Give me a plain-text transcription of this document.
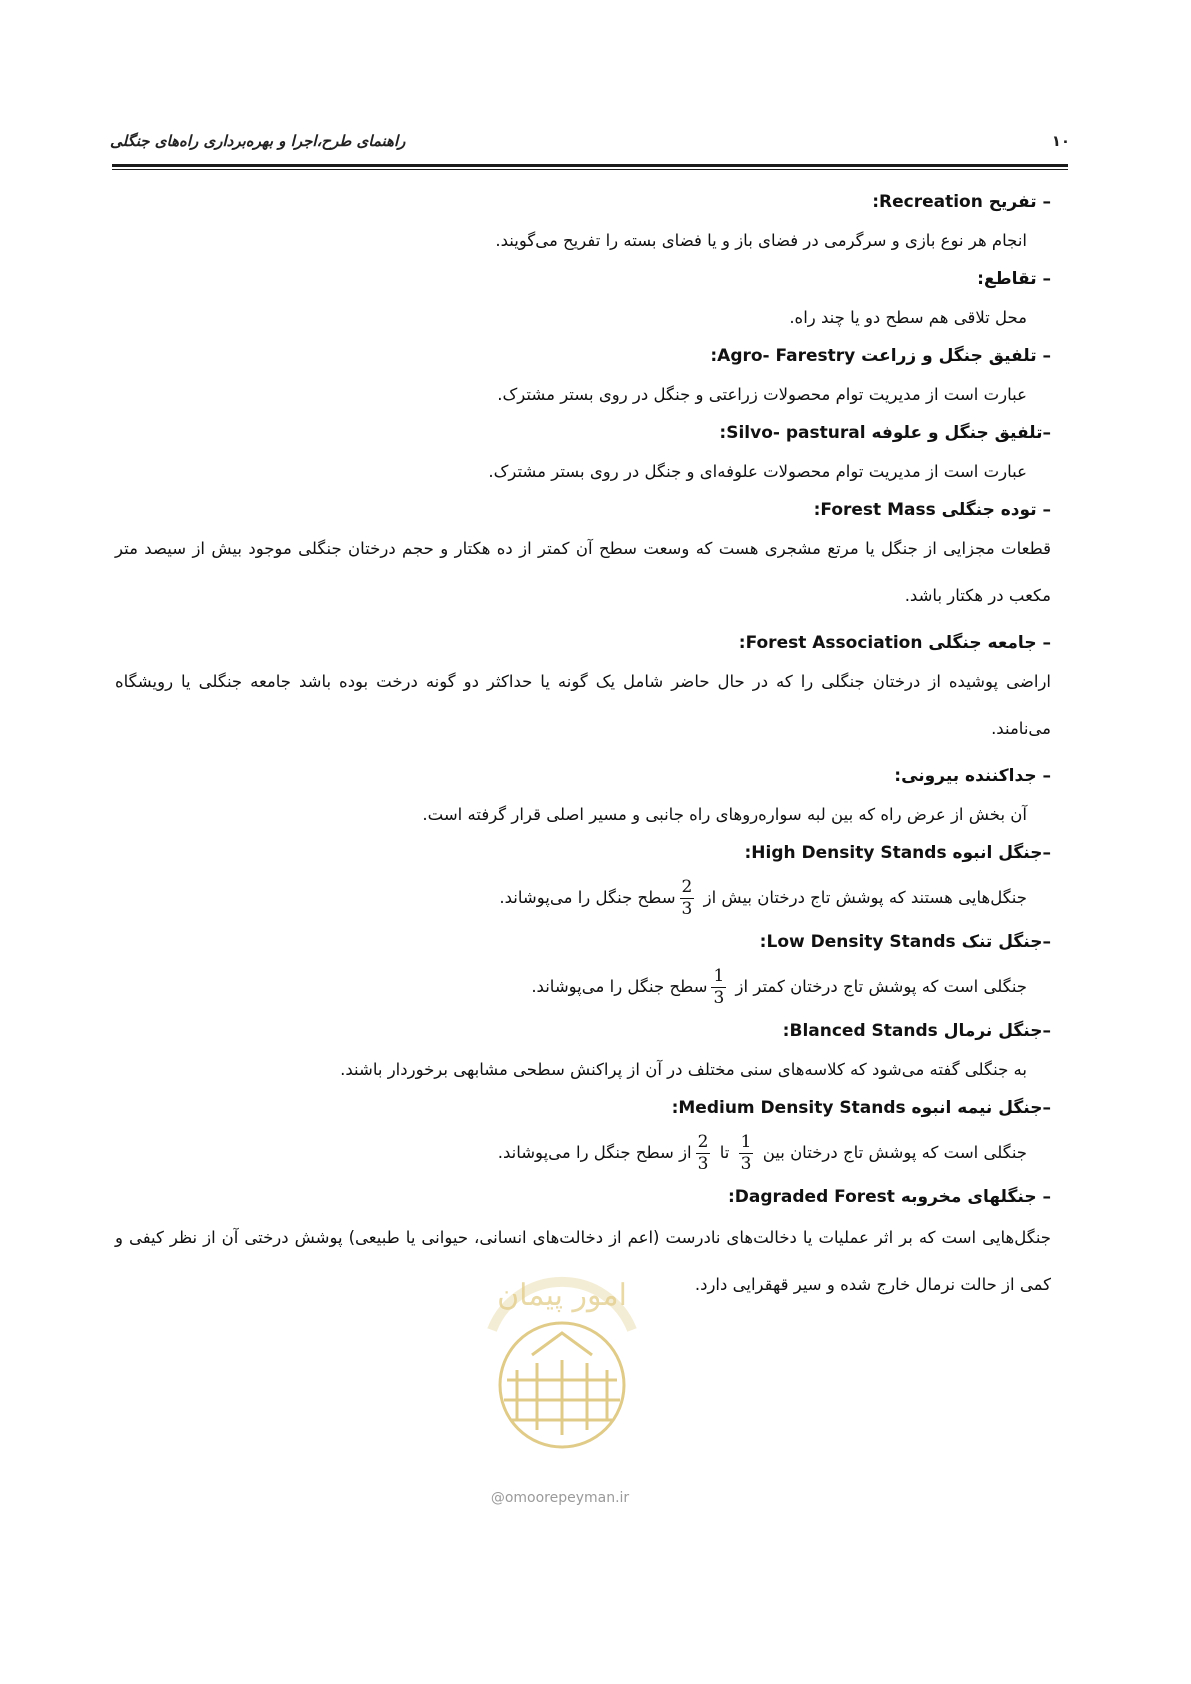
۱۰
راهنمای طرح،اجرا و بهره‌برداری راه‌های جنگلی
– تفریح Recreation:
انجام هر نوع بازی و سرگرمی در فضای باز و یا فضای بسته را تفریح می‌گویند.
– تقاطع:
محل تلاقی هم سطح دو یا چند راه.
– تلفیق جنگل و زراعت Agro- Farestry:
عبارت است از مدیریت توام محصولات زراعتی و جنگل در روی بستر مشترک.
–تلفیق جنگل و علوفه Silvo- pastural:
عبارت است از مدیریت توام محصولات علوفه‌ای و جنگل در روی بستر مشترک.
– توده جنگلی Forest Mass:
قطعات مجزایی از جنگل یا مرتع مشجری هست که وسعت سطح آن کمتر از ده هکتار و حجم درختان جنگلی موجود بیش از سیصد متر مکعب در هکتار باشد.
– جامعه جنگلی Forest Association:
اراضی پوشیده از درختان جنگلی را که در حال حاضر شامل یک گونه یا حداکثر دو گونه درخت بوده باشد جامعه جنگلی یا رویشگاه می‌نامند.
– جداکننده بیرونی:
آن بخش از عرض راه که بین لبه سواره‌روهای راه جانبی و مسیر اصلی قرار گرفته است.
–جنگل انبوه High Density Stands:
جنگل‌هایی هستند که پوشش تاج درختان بیش از
$\frac{2}{3}$
سطح جنگل را می‌پوشاند.
–جنگل تنک Low Density Stands:
جنگلی است که پوشش تاج درختان کمتر از
$\frac{1}{3}$
سطح جنگل را می‌پوشاند.
–جنگل نرمال Blanced Stands:
به جنگلی گفته می‌شود که کلاسه‌های سنی مختلف در آن از پراکنش سطحی مشابهی برخوردار باشند.
–جنگل نیمه انبوه Medium Density Stands:
جنگلی است که پوشش تاج درختان بین
$\frac{1}{3}$
تا
$\frac{2}{3}$
از سطح جنگل را می‌پوشاند.
– جنگلهای مخروبه Dagraded Forest:
جنگل‌هایی است که بر اثر عملیات یا دخالت‌های نادرست (اعم از دخالت‌های انسانی، حیوانی یا طبیعی) پوشش درختی آن از نظر کیفی و کمی از حالت نرمال خارج شده و سیر قهقرایی دارد.
امور پیمان
@omoorepeyman.ir
